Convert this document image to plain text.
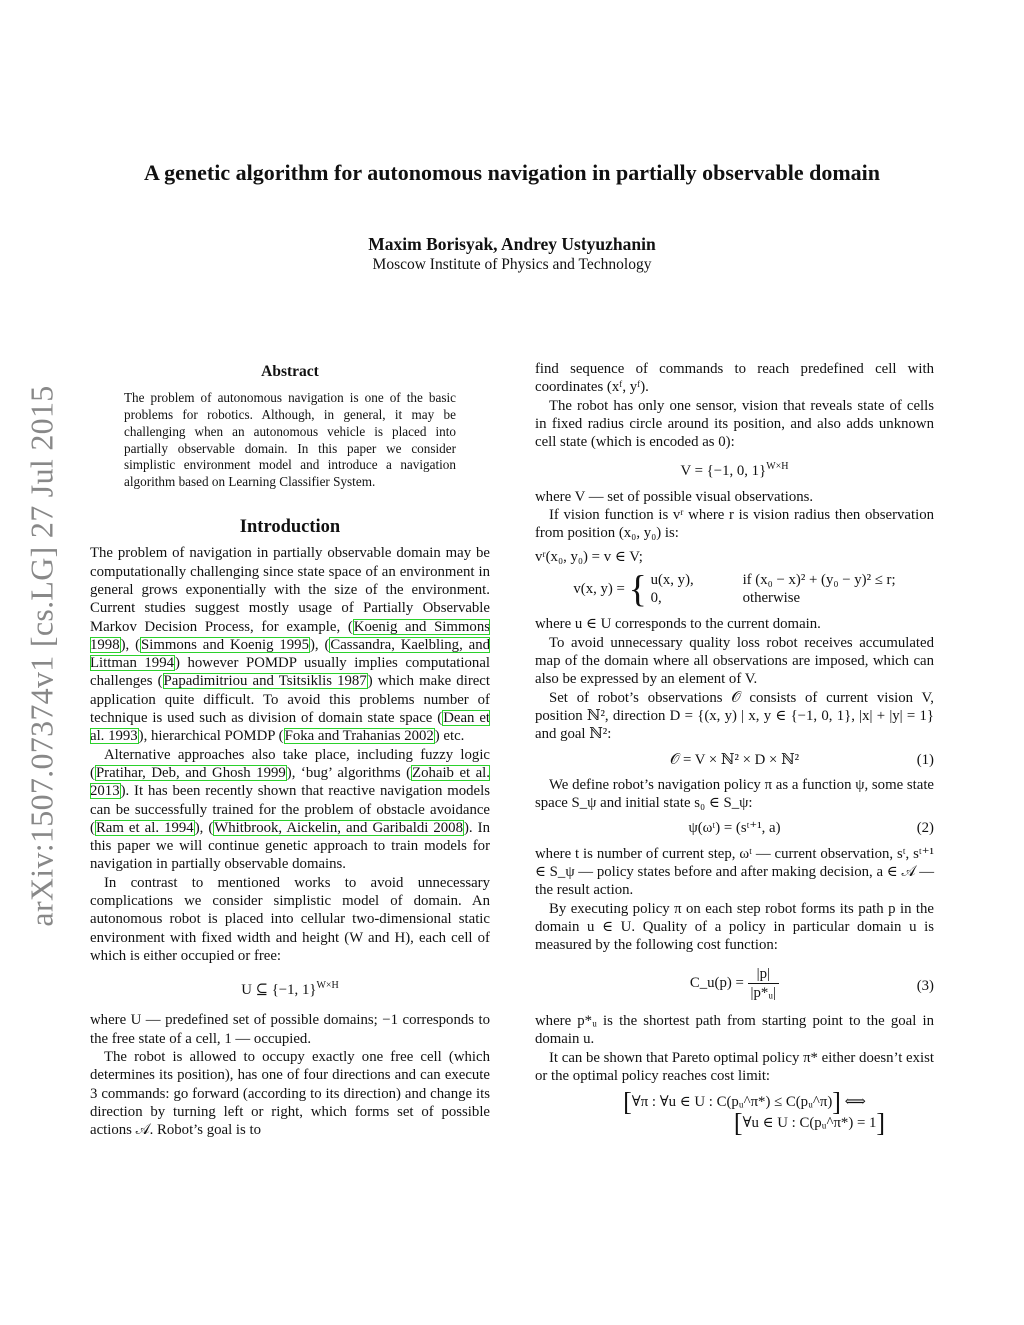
arXiv:1507.07374v1 [cs.LG] 27 Jul 2015
A genetic algorithm for autonomous navigation in partially observable domain
Maxim Borisyak, Andrey Ustyuzhanin
Moscow Institute of Physics and Technology
Abstract

The problem of autonomous navigation is one of the basic problems for robotics. Although, in general, it may be challenging when an autonomous vehicle is placed into partially observable domain. In this paper we consider simplistic environment model and introduce a navigation algorithm based on Learning Classifier System.

Introduction

The problem of navigation in partially observable domain may be computationally challenging since state space of an environment in general grows exponentially with the size of the environment. Current studies suggest mostly usage of Partially Observable Markov Decision Process, for example, (Koenig and Simmons 1998), (Simmons and Koenig 1995), (Cassandra, Kaelbling, and Littman 1994) however POMDP usually implies computational challenges (Papadimitriou and Tsitsiklis 1987) which make direct application quite difficult. To avoid this problems number of technique is used such as division of domain state space (Dean et al. 1993), hierarchical POMDP (Foka and Trahanias 2002) etc.

Alternative approaches also take place, including fuzzy logic (Pratihar, Deb, and Ghosh 1999), ‘bug’ algorithms (Zohaib et al. 2013). It has been recently shown that reactive navigation models can be successfully trained for the problem of obstacle avoidance (Ram et al. 1994), (Whitbrook, Aickelin, and Garibaldi 2008). In this paper we will continue genetic approach to train models for navigation in partially observable domains.

In contrast to mentioned works to avoid unnecessary complications we consider simplistic model of domain. An autonomous robot is placed into cellular two-dimensional static environment with fixed width and height (W and H), each cell of which is either occupied or free:

U ⊆ {−1, 1}$^{W\times H}$

where U — predefined set of possible domains; −1 corresponds to the free state of a cell, 1 — occupied.

The robot is allowed to occupy exactly one free cell (which determines its position), has one of four directions and can execute 3 commands: go forward (according to its direction) and change its direction by turning left or right, which forms set of possible actions 𝒜. Robot’s goal is to

find sequence of commands to reach predefined cell with coordinates (xᶠ, yᶠ).

The robot has only one sensor, vision that reveals state of cells in fixed radius circle around its position, and also adds unknown cell state (which is encoded as 0):

V = {−1, 0, 1}$^{W\times H}$

where V — set of possible visual observations.

If vision function is vʳ where r is vision radius then observation from position (x₀, y₀) is:

vʳ(x₀, y₀) = v ∈ V;
v(x, y) = { u(x, y),	if (x₀ − x)² + (y₀ − y)² ≤ r;
0,	otherwise

where u ∈ U corresponds to the current domain.

To avoid unnecessary quality loss robot receives accumulated map of the domain where all observations are imposed, which can also be expressed by an element of V.

Set of robot’s observations 𝒪 consists of current vision V, position ℕ², direction D = {(x, y) | x, y ∈ {−1, 0, 1}, |x| + |y| = 1} and goal ℕ²:

𝒪 = V × ℕ² × D × ℕ²	(1)

We define robot’s navigation policy π as a function ψ, some state space S_ψ and initial state s₀ ∈ S_ψ:

ψ(ωᵗ) = (sᵗ⁺¹, a)	(2)

where t is number of current step, ωᵗ — current observation, sᵗ, sᵗ⁺¹ ∈ S_ψ — policy states before and after making decision, a ∈ 𝒜 — the result action.

By executing policy π on each step robot forms its path p in the domain u ∈ U. Quality of a policy in particular domain u is measured by the following cost function:

C_u(p) = $\frac{|p|}{\text{|p*ᵤ|}}$	(3)

where p*ᵤ is the shortest path from starting point to the goal in domain u.

It can be shown that Pareto optimal policy π* either doesn’t exist or the optimal policy reaches cost limit:

[∀π : ∀u ∈ U : C(pᵤ^π*) ≤ C(pᵤ^π)] ⟺
[∀u ∈ U : C(pᵤ^π*) = 1]
